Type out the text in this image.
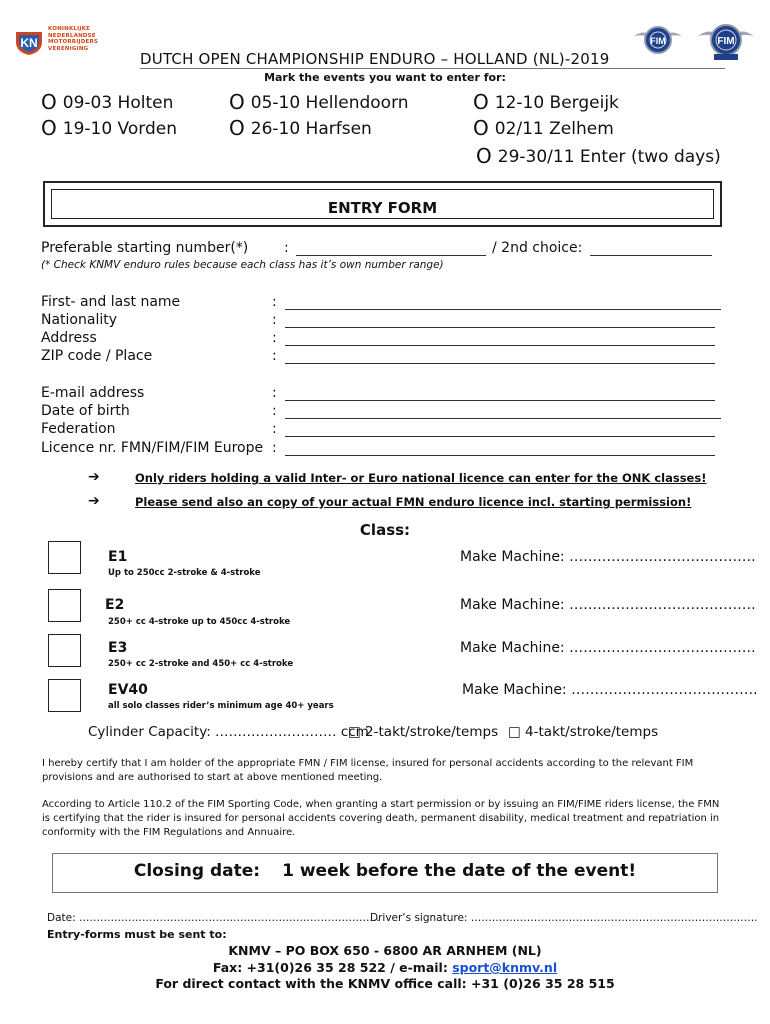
KN
KONINKLIJKE
NEDERLANDSE
MOTORRIJDERS
VERENIGING
FIM	FIM
DUTCH OPEN CHAMPIONSHIP ENDURO – HOLLAND (NL)-2019
Mark the events you want to enter for:
O 09-03 Holten
O 19-10 Vorden
O 05-10 Hellendoorn
O 26-10 Harfsen
O 12-10 Bergeijk
O 02/11 Zelhem
O 29-30/11 Enter (two days)
ENTRY FORM
Preferable starting number(*)	:	/ 2nd choice:
(* Check KNMV enduro rules because each class has it’s own number range)
First- and last name	:
Nationality	:
Address	:
ZIP code / Place	:
E-mail address	:
Date of birth	:
Federation	:
Licence nr. FMN/FIM/FIM Europe :
➔	Only riders holding a valid Inter- or Euro national licence can enter for the ONK classes!
➔	Please send also an copy of your actual FMN enduro licence incl. starting permission!
Class:
E1
Up to 250cc 2-stroke & 4-stroke
Make Machine: ………………………………….
E2
250+ cc 4-stroke up to 450cc 4-stroke
Make Machine: ………………………………….
E3
250+ cc 2-stroke and 450+ cc 4-stroke
Make Machine: ………………………………….
EV40
all solo classes rider’s minimum age 40+ years
Make Machine: ………………………………….
Cylinder Capacity: ……………………… ccm
□ 2-takt/stroke/temps □ 4-takt/stroke/temps
I hereby certify that I am holder of the appropriate FMN / FIM license, insured for personal accidents according to the relevant FIM provisions and are authorised to start at above mentioned meeting.
According to Article 110.2 of the FIM Sporting Code, when granting a start permission or by issuing an FIM/FIME riders license, the FMN is certifying that the rider is insured for personal accidents covering death, permanent disability, medical treatment and repatriation in conformity with the FIM Regulations and Annuaire.
Closing date: 1 week before the date of the event!
Date: …………………………………………………………………………..
Driver’s signature: ……………………………………………………………………….
Entry-forms must be sent to:
KNMV – PO BOX 650 - 6800 AR ARNHEM (NL)
Fax: +31(0)26 35 28 522 / e-mail: sport@knmv.nl
For direct contact with the KNMV office call: +31 (0)26 35 28 515
